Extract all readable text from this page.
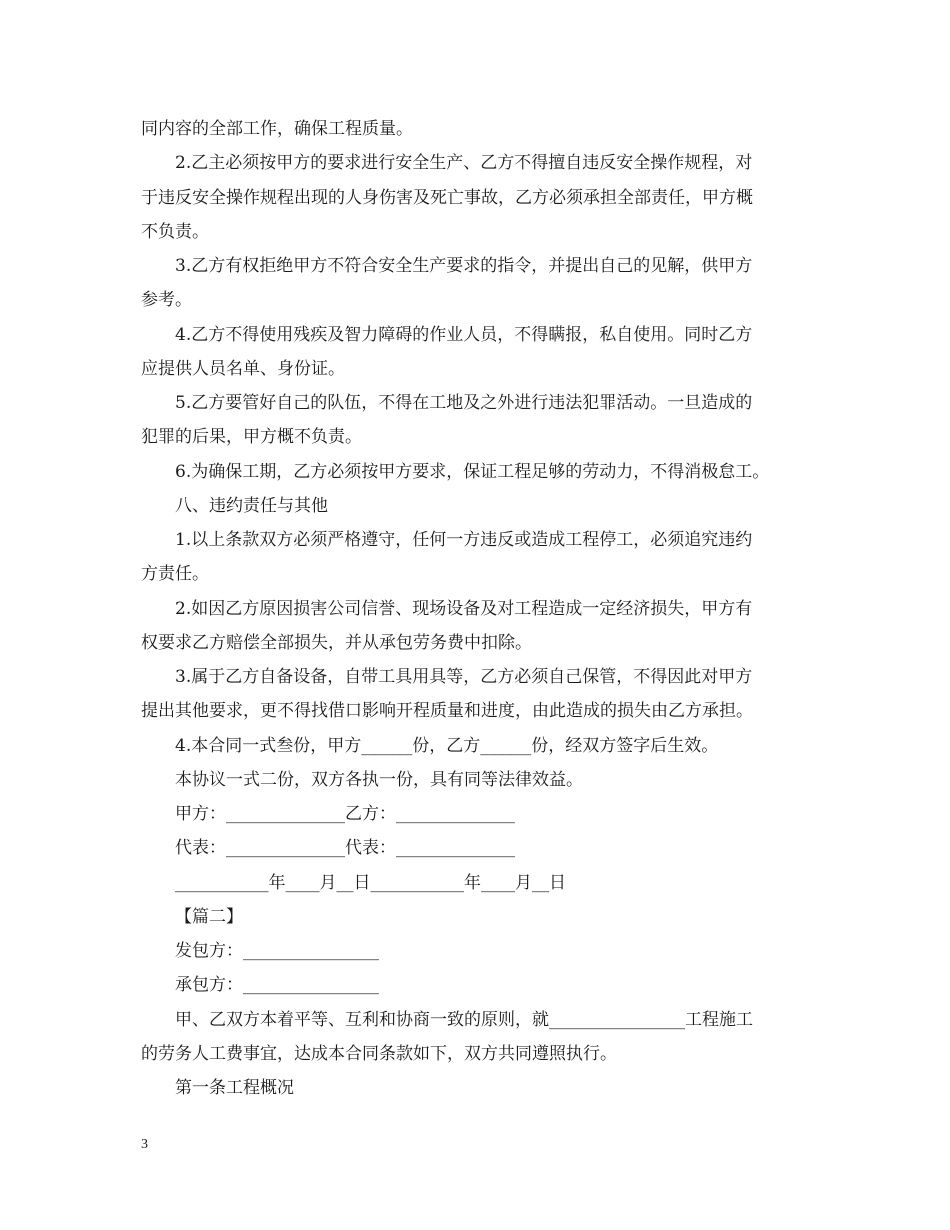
同内容的全部工作，确保工程质量。
2.乙主必须按甲方的要求进行安全生产、乙方不得擅自违反安全操作规程，对
于违反安全操作规程出现的人身伤害及死亡事故，乙方必须承担全部责任，甲方概
不负责。
3.乙方有权拒绝甲方不符合安全生产要求的指令，并提出自己的见解，供甲方
参考。
4.乙方不得使用残疾及智力障碍的作业人员，不得瞒报，私自使用。同时乙方
应提供人员名单、身份证。
5.乙方要管好自己的队伍，不得在工地及之外进行违法犯罪活动。一旦造成的
犯罪的后果，甲方概不负责。
6.为确保工期，乙方必须按甲方要求，保证工程足够的劳动力，不得消极怠工。
八、违约责任与其他
1.以上条款双方必须严格遵守，任何一方违反或造成工程停工，必须追究违约
方责任。
2.如因乙方原因损害公司信誉、现场设备及对工程造成一定经济损失，甲方有
权要求乙方赔偿全部损失，并从承包劳务费中扣除。
3.属于乙方自备设备，自带工具用具等，乙方必须自己保管，不得因此对甲方
提出其他要求，更不得找借口影响开程质量和进度，由此造成的损失由乙方承担。
4.本合同一式叁份，甲方______份，乙方______份，经双方签字后生效。
本协议一式二份，双方各执一份，具有同等法律效益。
甲方：______________乙方：______________
代表：______________代表：______________
___________年____月__日___________年____月__日
【篇二】
发包方：________________
承包方：________________
甲、乙双方本着平等、互利和协商一致的原则，就________________工程施工
的劳务人工费事宜，达成本合同条款如下，双方共同遵照执行。
第一条工程概况
3
